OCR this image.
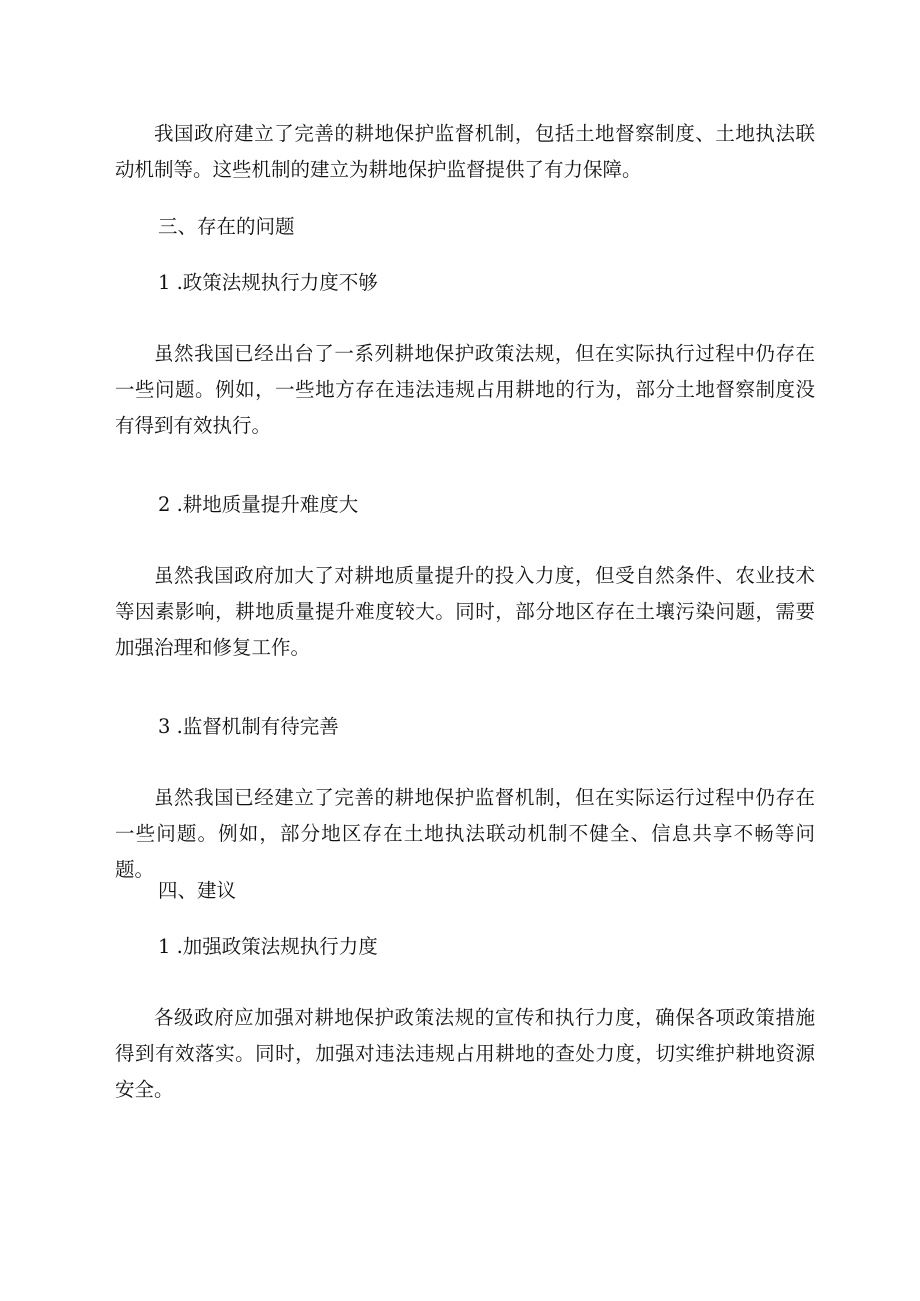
我国政府建立了完善的耕地保护监督机制，包括土地督察制度、土地执法联动机制等。这些机制的建立为耕地保护监督提供了有力保障。

三、存在的问题

1 .政策法规执行力度不够

虽然我国已经出台了一系列耕地保护政策法规，但在实际执行过程中仍存在一些问题。例如，一些地方存在违法违规占用耕地的行为，部分土地督察制度没有得到有效执行。

2 .耕地质量提升难度大

虽然我国政府加大了对耕地质量提升的投入力度，但受自然条件、农业技术等因素影响，耕地质量提升难度较大。同时，部分地区存在土壤污染问题，需要加强治理和修复工作。

3 .监督机制有待完善

虽然我国已经建立了完善的耕地保护监督机制，但在实际运行过程中仍存在一些问题。例如，部分地区存在土地执法联动机制不健全、信息共享不畅等问题。

四、建议

1 .加强政策法规执行力度

各级政府应加强对耕地保护政策法规的宣传和执行力度，确保各项政策措施得到有效落实。同时，加强对违法违规占用耕地的查处力度，切实维护耕地资源安全。
